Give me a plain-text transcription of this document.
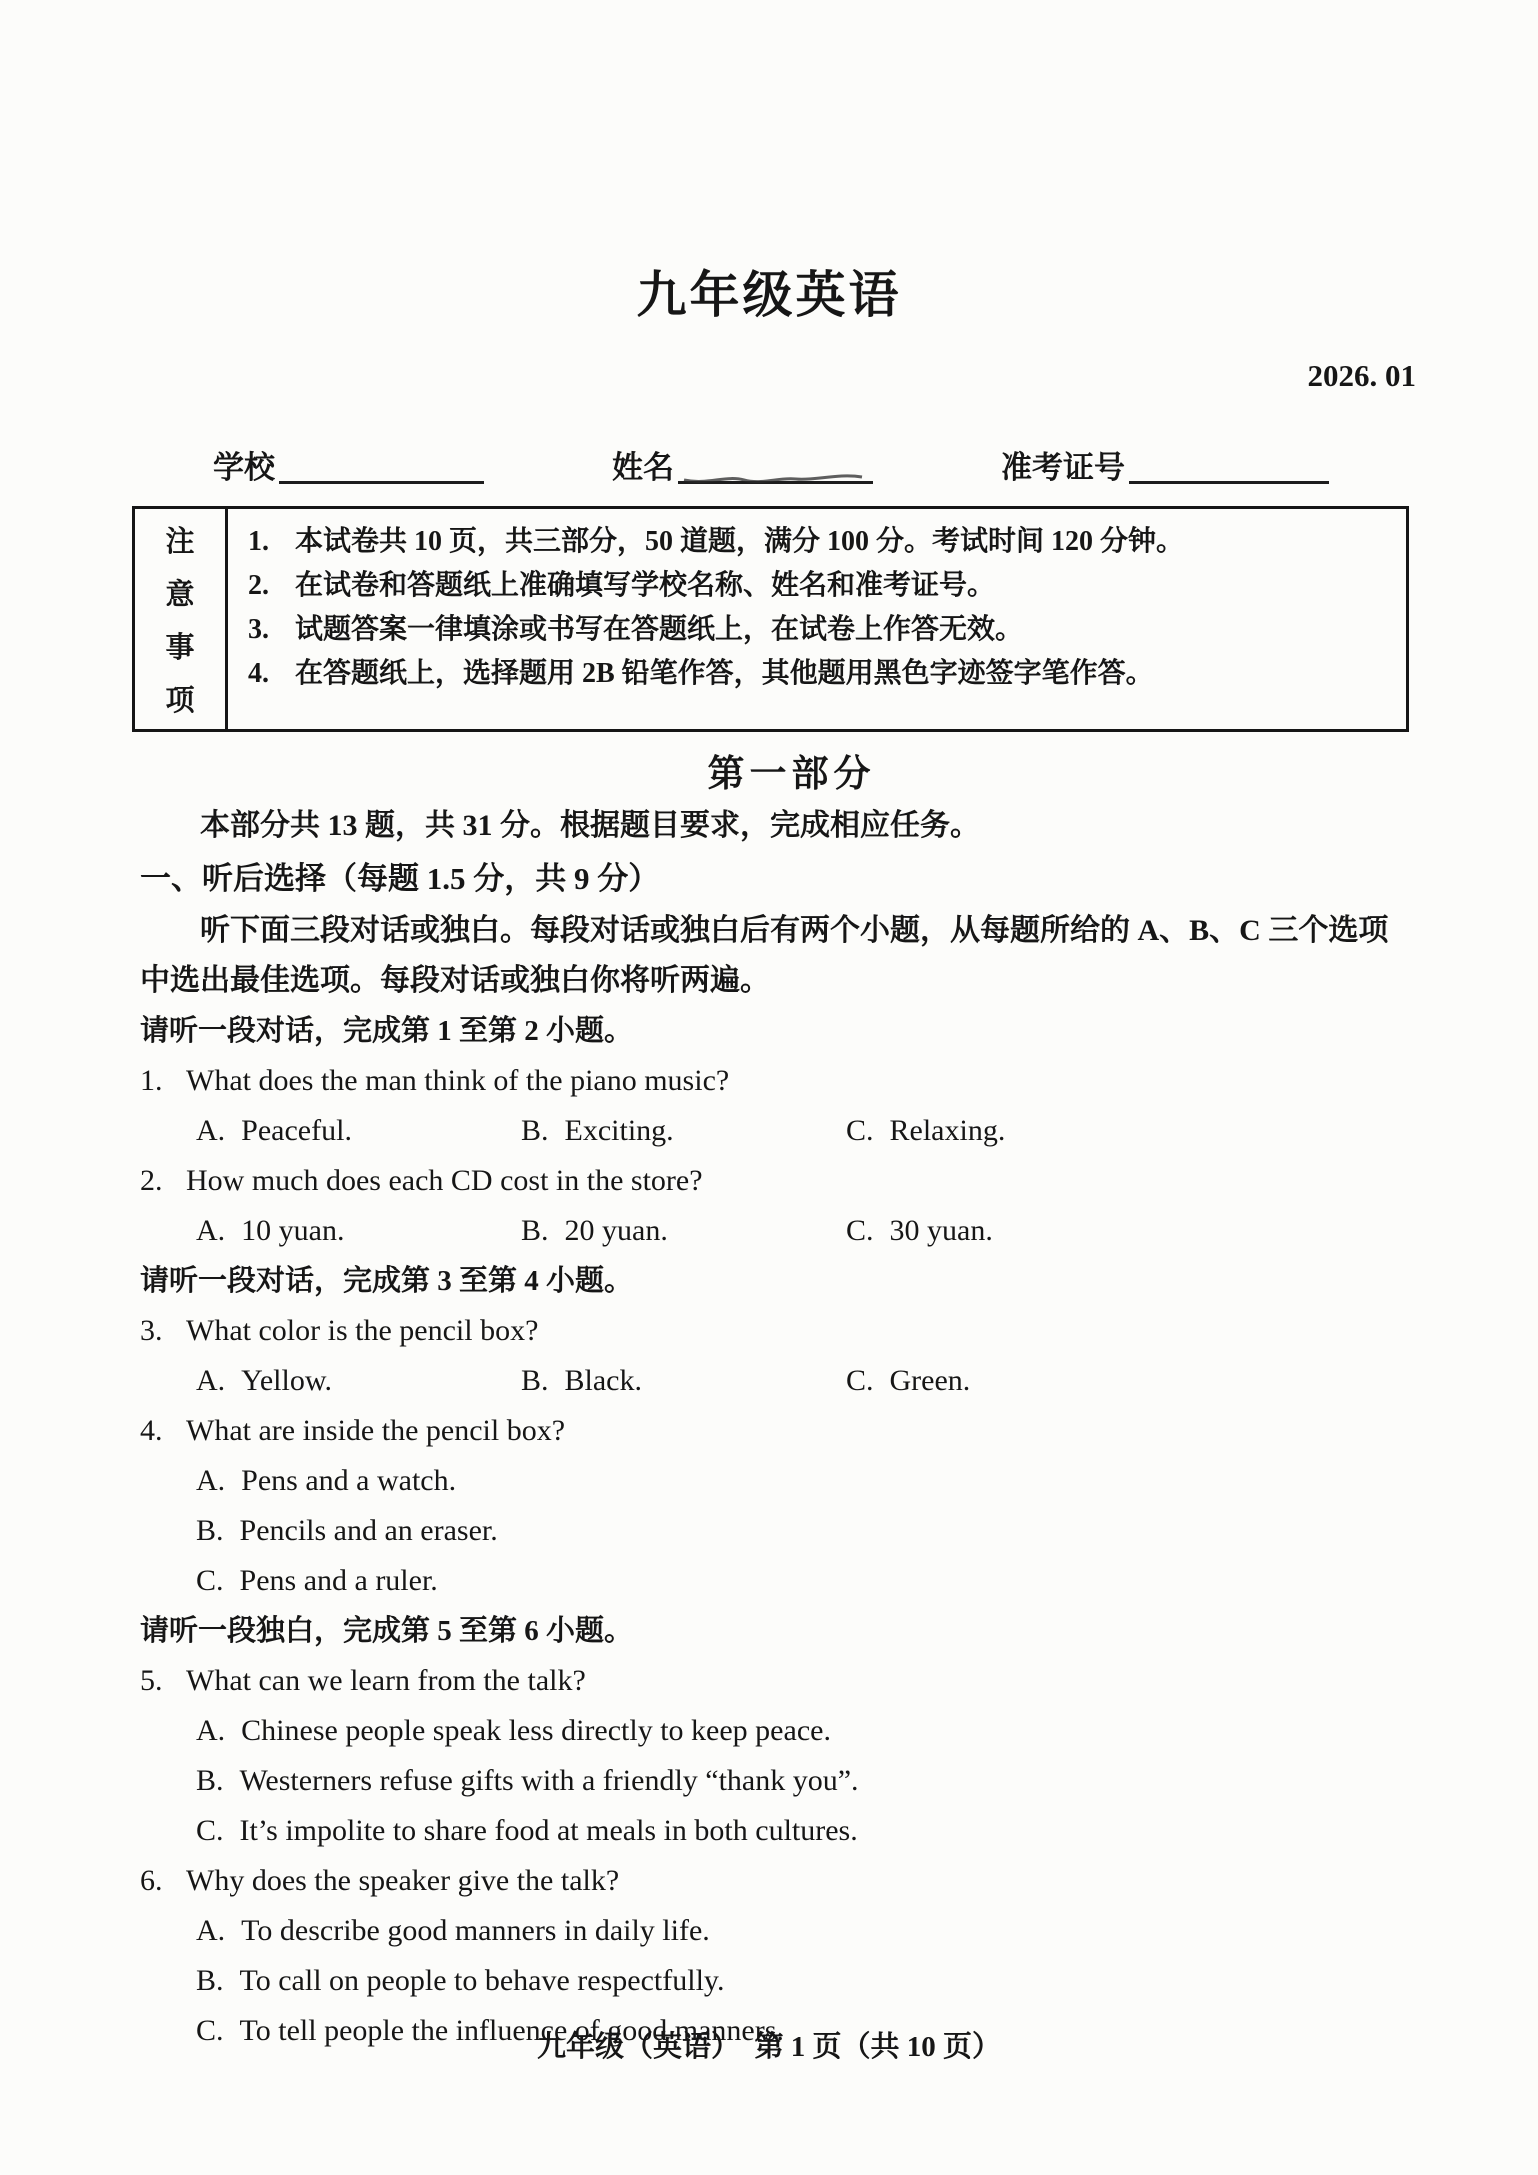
九年级英语
2026. 01
学校	姓名	准考证号
注
意
事
项
1. 本试卷共 10 页，共三部分，50 道题，满分 100 分。考试时间 120 分钟。
2. 在试卷和答题纸上准确填写学校名称、姓名和准考证号。
3. 试题答案一律填涂或书写在答题纸上，在试卷上作答无效。
4. 在答题纸上，选择题用 2B 铅笔作答，其他题用黑色字迹签字笔作答。
第一部分

本部分共 13 题，共 31 分。根据题目要求，完成相应任务。

一、听后选择（每题 1.5 分，共 9 分）

听下面三段对话或独白。每段对话或独白后有两个小题，从每题所给的 A、B、C 三个选项
中选出最佳选项。每段对话或独白你将听两遍。

请听一段对话，完成第 1 至第 2 小题。

1. What does the man think of the piano music?
A. Peaceful.	B. Exciting.	C. Relaxing.
2. How much does each CD cost in the store?
A. 10 yuan.	B. 20 yuan.	C. 30 yuan.

请听一段对话，完成第 3 至第 4 小题。

3. What color is the pencil box?
A. Yellow.	B. Black.	C. Green.
4. What are inside the pencil box?
A. Pens and a watch.
B. Pencils and an eraser.
C. Pens and a ruler.

请听一段独白，完成第 5 至第 6 小题。

5. What can we learn from the talk?
A. Chinese people speak less directly to keep peace.
B. Westerners refuse gifts with a friendly “thank you”.
C. It’s impolite to share food at meals in both cultures.
6. Why does the speaker give the talk?
A. To describe good manners in daily life.
B. To call on people to behave respectfully.
C. To tell people the influence of good manners.
九年级（英语）　第 1 页（共 10 页）
